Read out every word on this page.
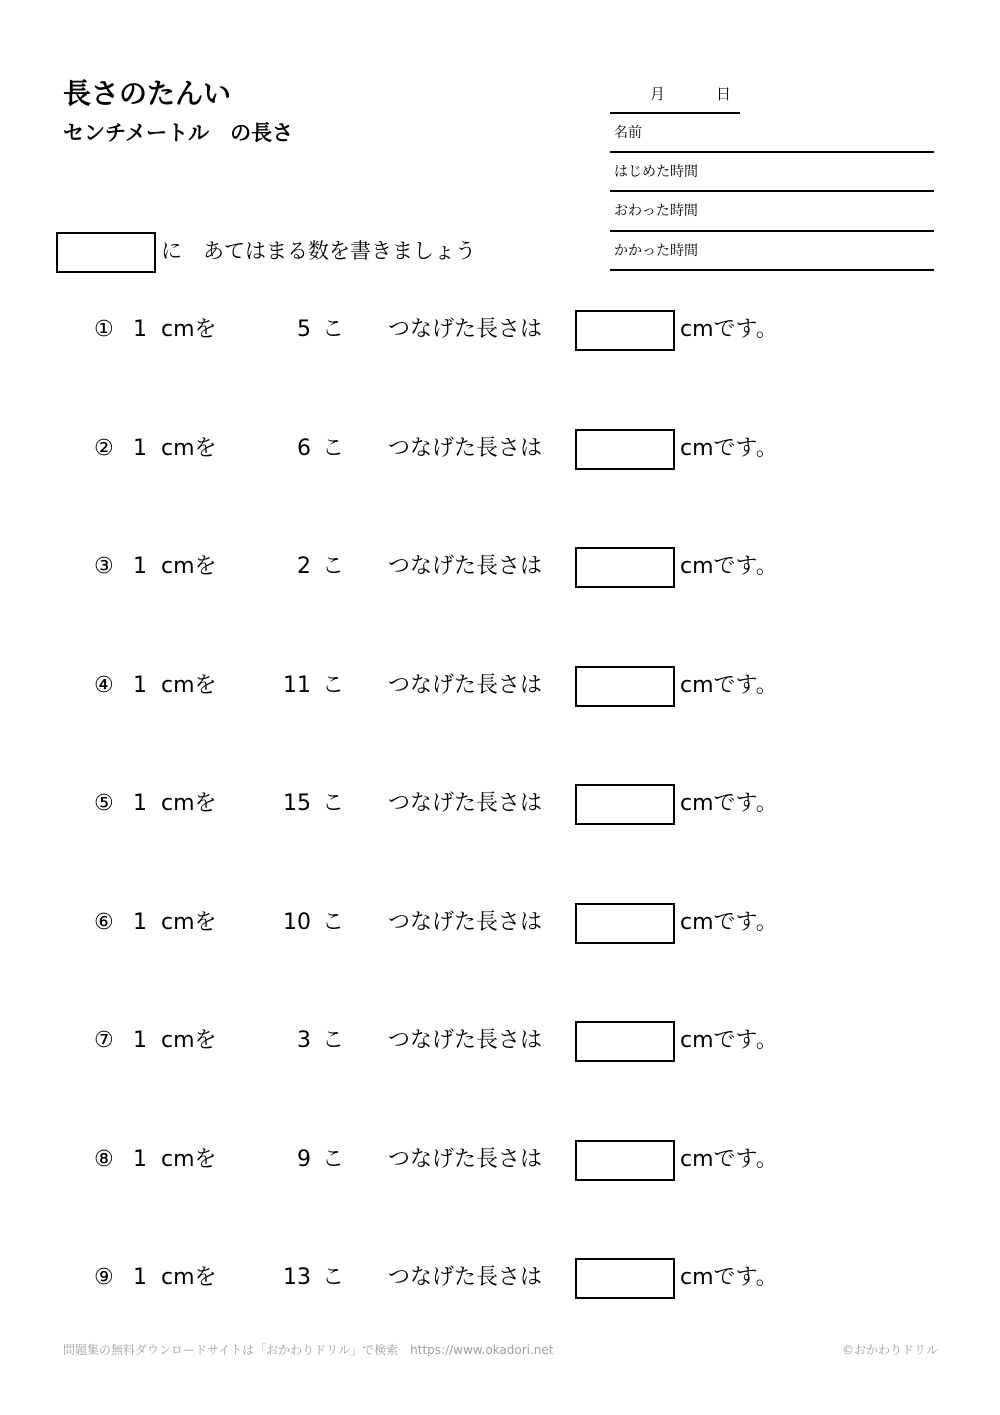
長さのたんい
センチメートル　の長さ
月	日
名前
はじめた時間
おわった時間
かかった時間
に　あてはまる数を書きましょう
① 1 cmを	5 こ つなげた長さは	cmです。
② 1 cmを	6 こ つなげた長さは	cmです。
③ 1 cmを	2 こ つなげた長さは	cmです。
④ 1 cmを	11 こ つなげた長さは	cmです。
⑤ 1 cmを	15 こ つなげた長さは	cmです。
⑥ 1 cmを	10 こ つなげた長さは	cmです。
⑦ 1 cmを	3 こ つなげた長さは	cmです。
⑧ 1 cmを	9 こ つなげた長さは	cmです。
⑨ 1 cmを	13 こ つなげた長さは	cmです。
問題集の無料ダウンロードサイトは「おかわりドリル」で検索　https://www.okadori.net	©おかわりドリル
